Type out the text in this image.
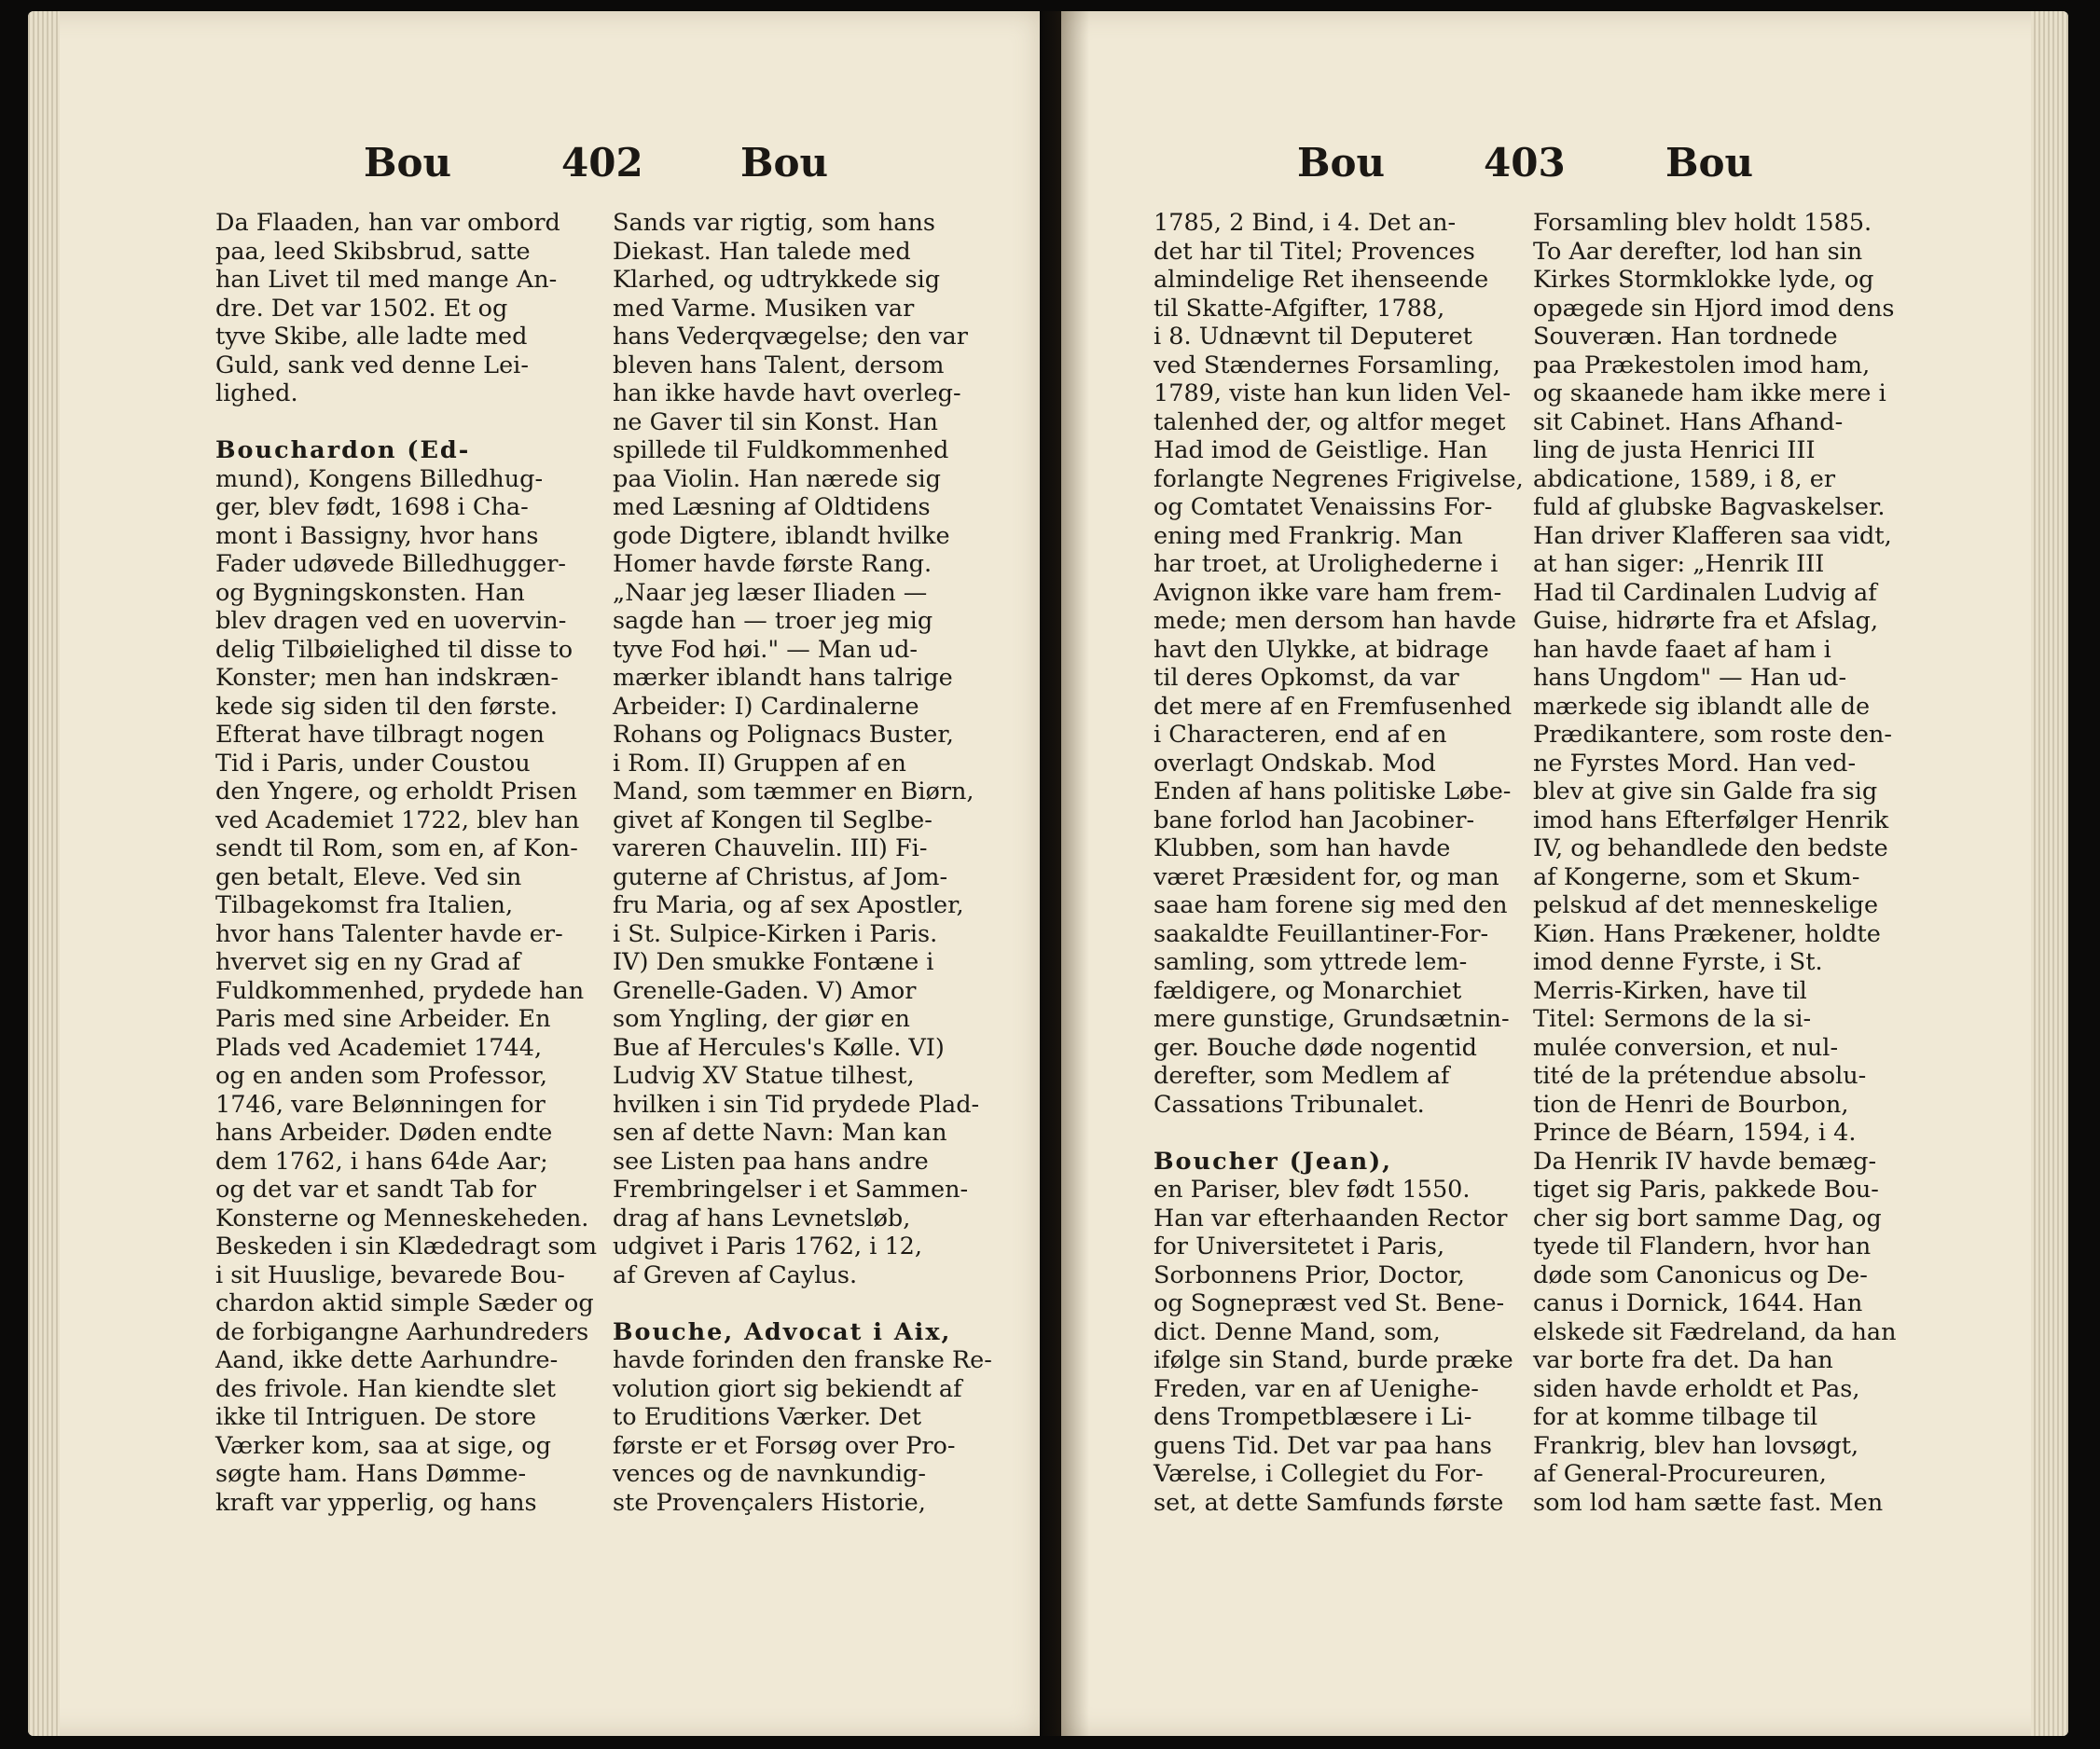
Bou	402 Bou
Da Flaaden, han var ombord
paa, leed Skibsbrud, satte
han Livet til med mange An-
dre. Det var 1502. Et og
tyve Skibe, alle ladte med
Guld, sank ved denne Lei-
lighed.
Bouchardon (Ed-
mund), Kongens Billedhug-
ger, blev født, 1698 i Cha-
mont i Bassigny, hvor hans
Fader udøvede Billedhugger-
og Bygningskonsten. Han
blev dragen ved en uovervin-
delig Tilbøielighed til disse to
Konster; men han indskræn-
kede sig siden til den første.
Efterat have tilbragt nogen
Tid i Paris, under Coustou
den Yngere, og erholdt Prisen
ved Academiet 1722, blev han
sendt til Rom, som en, af Kon-
gen betalt, Eleve. Ved sin
Tilbagekomst fra Italien,
hvor hans Talenter havde er-
hvervet sig en ny Grad af
Fuldkommenhed, prydede han
Paris med sine Arbeider. En
Plads ved Academiet 1744,
og en anden som Professor,
1746, vare Belønningen for
hans Arbeider. Døden endte
dem 1762, i hans 64de Aar;
og det var et sandt Tab for
Konsterne og Menneskeheden.
Beskeden i sin Klædedragt som
i sit Huuslige, bevarede Bou-
chardon aktid simple Sæder og
de forbigangne Aarhundreders
Aand, ikke dette Aarhundre-
des frivole. Han kiendte slet
ikke til Intriguen. De store
Værker kom, saa at sige, og
søgte ham. Hans Dømme-
kraft var ypperlig, og hans
Sands var rigtig, som hans
Diekast. Han talede med
Klarhed, og udtrykkede sig
med Varme. Musiken var
hans Vederqvægelse; den var
bleven hans Talent, dersom
han ikke havde havt overleg-
ne Gaver til sin Konst. Han
spillede til Fuldkommenhed
paa Violin. Han nærede sig
med Læsning af Oldtidens
gode Digtere, iblandt hvilke
Homer havde første Rang.
„Naar jeg læser Iliaden —
sagde han — troer jeg mig
tyve Fod høi." — Man ud-
mærker iblandt hans talrige
Arbeider: I) Cardinalerne
Rohans og Polignacs Buster,
i Rom. II) Gruppen af en
Mand, som tæmmer en Biørn,
givet af Kongen til Seglbe-
vareren Chauvelin. III) Fi-
guterne af Christus, af Jom-
fru Maria, og af sex Apostler,
i St. Sulpice-Kirken i Paris.
IV) Den smukke Fontæne i
Grenelle-Gaden. V) Amor
som Yngling, der giør en
Bue af Hercules's Kølle. VI)
Ludvig XV Statue tilhest,
hvilken i sin Tid prydede Plad-
sen af dette Navn: Man kan
see Listen paa hans andre
Frembringelser i et Sammen-
drag af hans Levnetsløb,
udgivet i Paris 1762, i 12,
af Greven af Caylus.
Bouche, Advocat i Aix,
havde forinden den franske Re-
volution giort sig bekiendt af
to Eruditions Værker. Det
første er et Forsøg over Pro-
vences og de navnkundig-
ste Provençalers Historie,
Bou	403	Bou
1785, 2 Bind, i 4. Det an-
det har til Titel; Provences
almindelige Ret ihenseende
til Skatte-Afgifter, 1788,
i 8. Udnævnt til Deputeret
ved Stændernes Forsamling,
1789, viste han kun liden Vel-
talenhed der, og altfor meget
Had imod de Geistlige. Han
forlangte Negrenes Frigivelse,
og Comtatet Venaissins For-
ening med Frankrig. Man
har troet, at Urolighederne i
Avignon ikke vare ham frem-
mede; men dersom han havde
havt den Ulykke, at bidrage
til deres Opkomst, da var
det mere af en Fremfusenhed
i Characteren, end af en
overlagt Ondskab. Mod
Enden af hans politiske Løbe-
bane forlod han Jacobiner-
Klubben, som han havde
været Præsident for, og man
saae ham forene sig med den
saakaldte Feuillantiner-For-
samling, som yttrede lem-
fældigere, og Monarchiet
mere gunstige, Grundsætnin-
ger. Bouche døde nogentid
derefter, som Medlem af
Cassations Tribunalet.
Boucher (Jean),
en Pariser, blev født 1550.
Han var efterhaanden Rector
for Universitetet i Paris,
Sorbonnens Prior, Doctor,
og Sognepræst ved St. Bene-
dict. Denne Mand, som,
ifølge sin Stand, burde præke
Freden, var en af Uenighe-
dens Trompetblæsere i Li-
guens Tid. Det var paa hans
Værelse, i Collegiet du For-
set, at dette Samfunds første
Forsamling blev holdt 1585.
To Aar derefter, lod han sin
Kirkes Stormklokke lyde, og
opægede sin Hjord imod dens
Souveræn. Han tordnede
paa Prækestolen imod ham,
og skaanede ham ikke mere i
sit Cabinet. Hans Afhand-
ling de justa Henrici III
abdicatione, 1589, i 8, er
fuld af glubske Bagvaskelser.
Han driver Klafferen saa vidt,
at han siger: „Henrik III
Had til Cardinalen Ludvig af
Guise, hidrørte fra et Afslag,
han havde faaet af ham i
hans Ungdom" — Han ud-
mærkede sig iblandt alle de
Prædikantere, som roste den-
ne Fyrstes Mord. Han ved-
blev at give sin Galde fra sig
imod hans Efterfølger Henrik
IV, og behandlede den bedste
af Kongerne, som et Skum-
pelskud af det menneskelige
Kiøn. Hans Prækener, holdte
imod denne Fyrste, i St.
Merris-Kirken, have til
Titel: Sermons de la si-
mulée conversion, et nul-
tité de la prétendue absolu-
tion de Henri de Bourbon,
Prince de Béarn, 1594, i 4.
Da Henrik IV havde bemæg-
tiget sig Paris, pakkede Bou-
cher sig bort samme Dag, og
tyede til Flandern, hvor han
døde som Canonicus og De-
canus i Dornick, 1644. Han
elskede sit Fædreland, da han
var borte fra det. Da han
siden havde erholdt et Pas,
for at komme tilbage til
Frankrig, blev han lovsøgt,
af General-Procureuren,
som lod ham sætte fast. Men
